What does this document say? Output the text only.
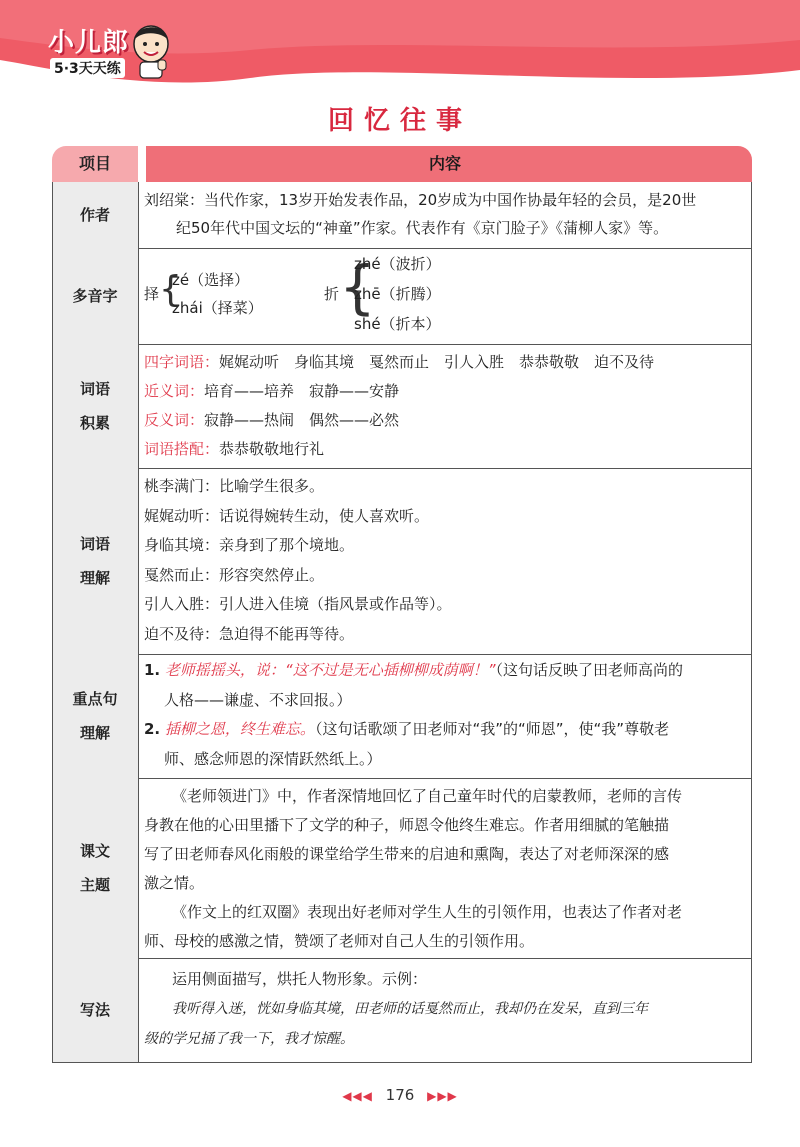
小儿郎
5·3天天练
回忆往事
项目	内容
作者
刘绍棠：当代作家，13岁开始发表作品，20岁成为中国作协最年轻的会员，是20世
纪50年代中国文坛的“神童”作家。代表作有《京门脸子》《蒲柳人家》等。
多音字	择 {
zé（选择）
zhái（择菜）
折 {
zhé（波折）
zhē（折腾）
shé（折本）
词语
积累
四字词语：娓娓动听　身临其境　戛然而止　引人入胜　恭恭敬敬　迫不及待
近义词：培育——培养　寂静——安静
反义词：寂静——热闹　偶然——必然
词语搭配：恭恭敬敬地行礼
词语
理解
桃李满门：比喻学生很多。
娓娓动听：话说得婉转生动，使人喜欢听。
身临其境：亲身到了那个境地。
戛然而止：形容突然停止。
引人入胜：引人进入佳境（指风景或作品等）。
迫不及待：急迫得不能再等待。
重点句
理解
1. 老师摇摇头，说：“这不过是无心插柳柳成荫啊！”（这句话反映了田老师高尚的
人格——谦虚、不求回报。）
2. 插柳之恩，终生难忘。（这句话歌颂了田老师对“我”的“师恩”，使“我”尊敬老
师、感念师恩的深情跃然纸上。）
课文
主题
《老师领进门》中，作者深情地回忆了自己童年时代的启蒙教师，老师的言传
身教在他的心田里播下了文学的种子，师恩令他终生难忘。作者用细腻的笔触描
写了田老师春风化雨般的课堂给学生带来的启迪和熏陶，表达了对老师深深的感
激之情。
《作文上的红双圈》表现出好老师对学生人生的引领作用，也表达了作者对老
师、母校的感激之情，赞颂了老师对自己人生的引领作用。
写法
运用侧面描写，烘托人物形象。示例：
我听得入迷，恍如身临其境，田老师的话戛然而止，我却仍在发呆，直到三年
级的学兄捅了我一下，我才惊醒。
◀◀◀ 176 ▶▶▶
